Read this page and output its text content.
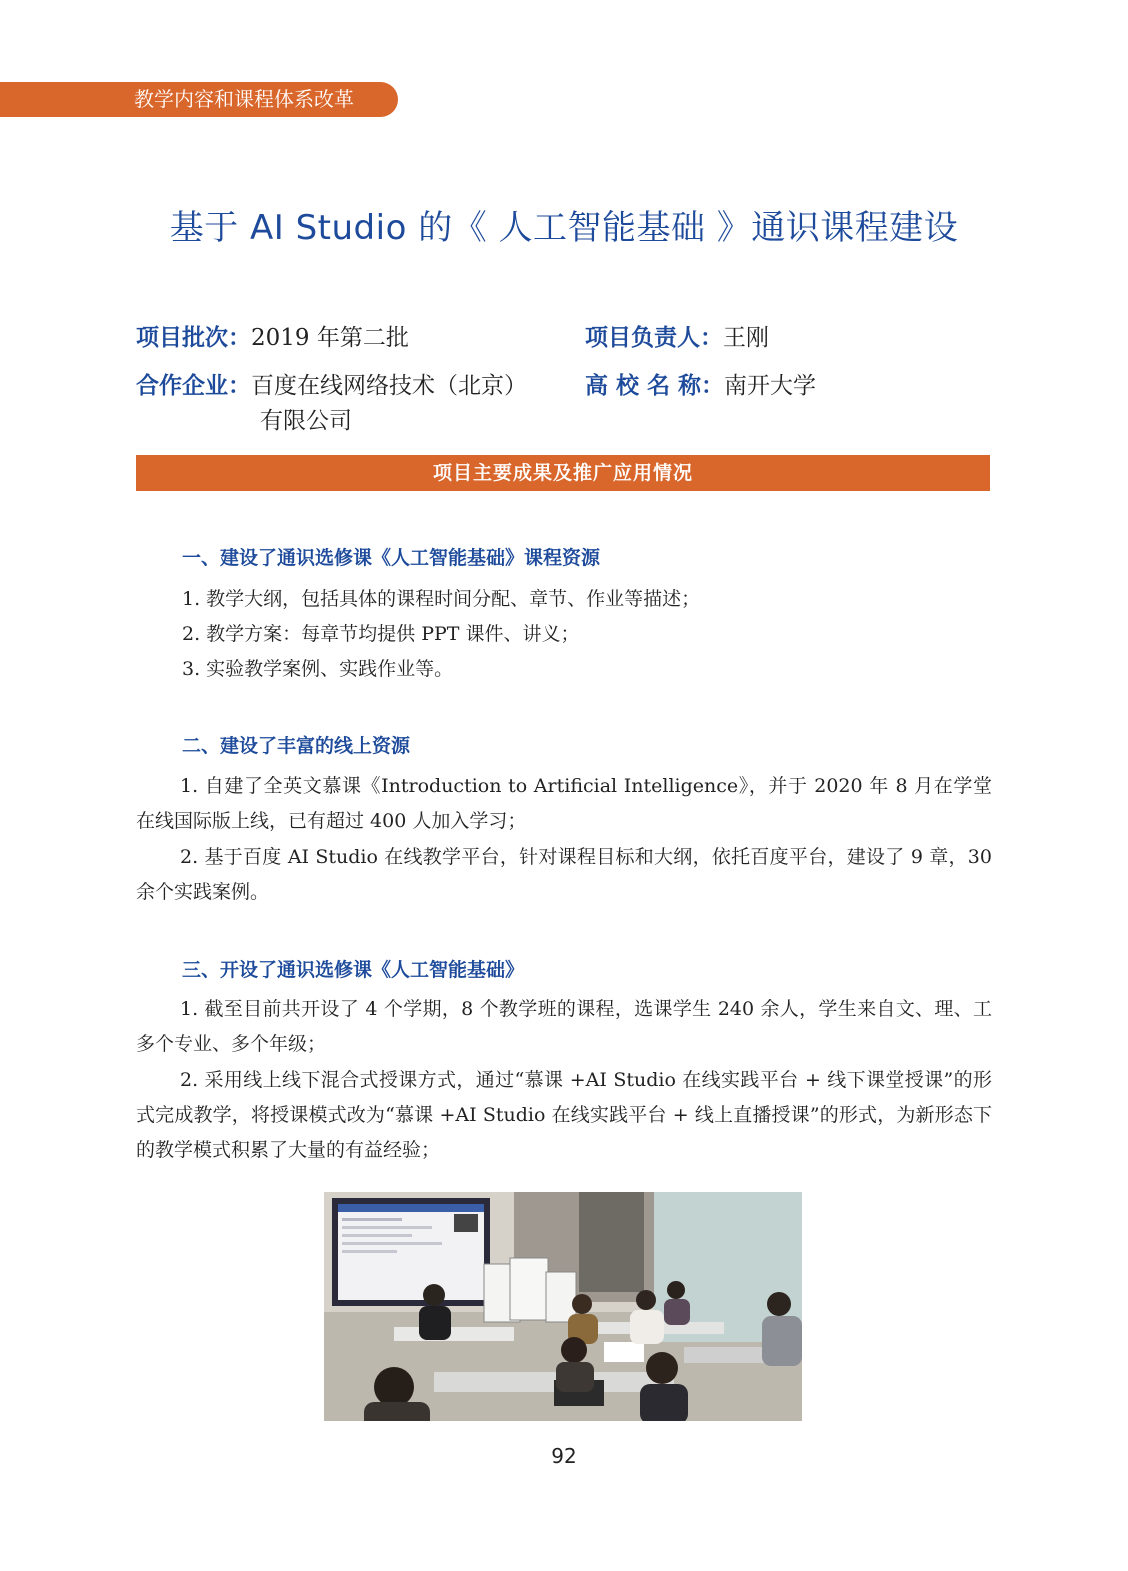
教学内容和课程体系改革
基于 AI Studio 的《 人工智能基础 》通识课程建设
项目批次：2019 年第二批	项目负责人：王刚
合作企业：百度在线网络技术（北京）
有限公司
高 校 名 称：南开大学
项目主要成果及推广应用情况
一、建设了通识选修课《人工智能基础》课程资源
1. 教学大纲，包括具体的课程时间分配、章节、作业等描述；
2. 教学方案：每章节均提供 PPT 课件、讲义；
3. 实验教学案例、实践作业等。
二、建设了丰富的线上资源

1. 自建了全英文慕课《Introduction to Artificial Intelligence》，并于 2020 年 8 月在学堂在线国际版上线，已有超过 400 人加入学习；

2. 基于百度 AI Studio 在线教学平台，针对课程目标和大纲，依托百度平台，建设了 9 章，30 余个实践案例。

三、开设了通识选修课《人工智能基础》

1. 截至目前共开设了 4 个学期，8 个教学班的课程，选课学生 240 余人，学生来自文、理、工多个专业、多个年级；

2. 采用线上线下混合式授课方式，通过“慕课 +AI Studio 在线实践平台 + 线下课堂授课”的形式完成教学，将授课模式改为“慕课 +AI Studio 在线实践平台 + 线上直播授课”的形式，为新形态下的教学模式积累了大量的有益经验；

92
